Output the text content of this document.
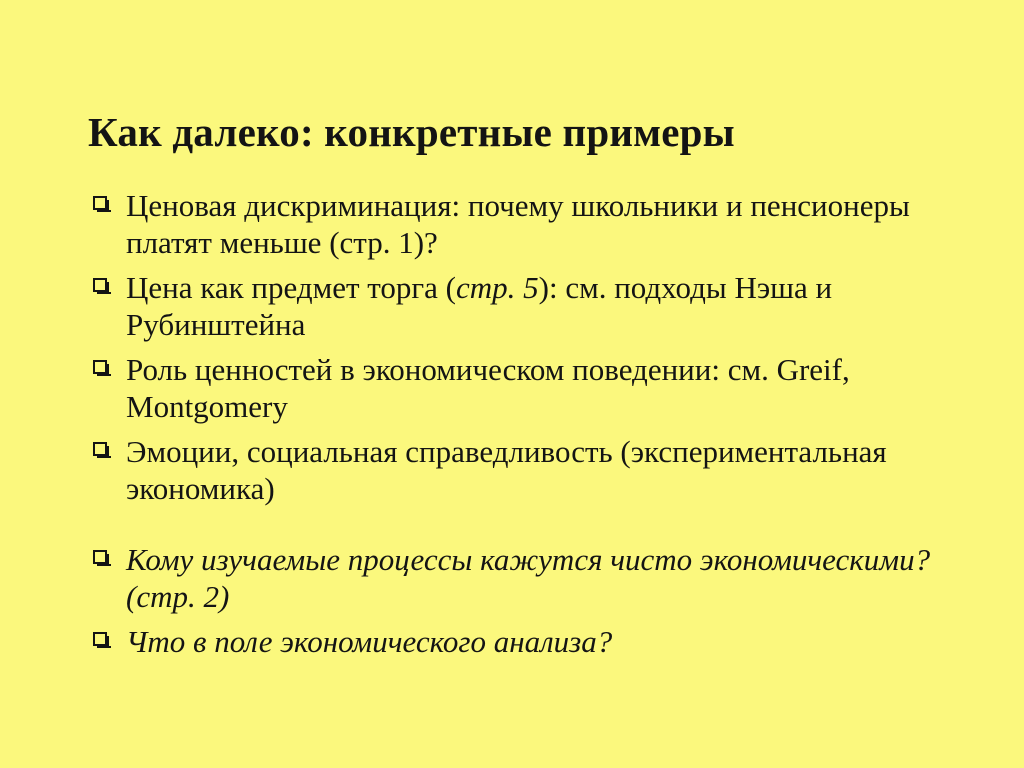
Как далеко: конкретные примеры
Ценовая дискриминация: почему школьники и пенсионеры платят меньше (стр. 1)?
Цена как предмет торга (стр. 5): см. подходы Нэша и Рубинштейна
Роль ценностей в экономическом поведении: см. Greif, Montgomery
Эмоции, социальная справедливость (экспериментальная экономика)
Кому изучаемые процессы кажутся чисто экономическими? (стр. 2)
Что в поле экономического анализа?
